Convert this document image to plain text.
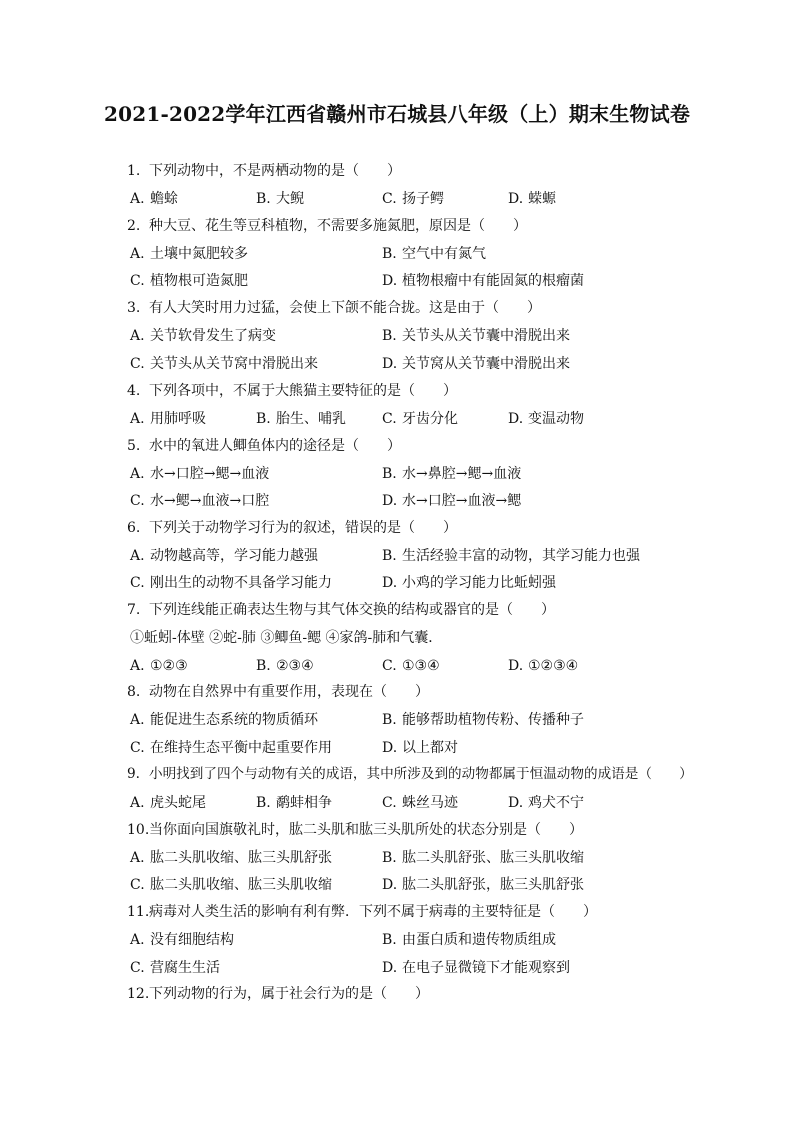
2021-2022学年江西省赣州市石城县八年级（上）期末生物试卷
1. 下列动物中，不是两栖动物的是（　　）
A. 蟾蜍	B. 大鲵	C. 扬子鳄	D. 蝾螈
2. 种大豆、花生等豆科植物，不需要多施氮肥，原因是（　　）
A. 土壤中氮肥较多	B. 空气中有氮气
C. 植物根可造氮肥	D. 植物根瘤中有能固氮的根瘤菌
3. 有人大笑时用力过猛，会使上下颌不能合拢。这是由于（　　）
A. 关节软骨发生了病变	B. 关节头从关节囊中滑脱出来
C. 关节头从关节窝中滑脱出来	D. 关节窝从关节囊中滑脱出来
4. 下列各项中，不属于大熊猫主要特征的是（　　）
A. 用肺呼吸	B. 胎生、哺乳	C. 牙齿分化	D. 变温动物
5. 水中的氧进人鲫鱼体内的途径是（　　）
A. 水→口腔→鳃→血液	B. 水→鼻腔→鳃→血液
C. 水→鳃→血液→口腔	D. 水→口腔→血液→鳃
6. 下列关于动物学习行为的叙述，错误的是（　　）
A. 动物越高等，学习能力越强	B. 生活经验丰富的动物，其学习能力也强
C. 刚出生的动物不具备学习能力	D. 小鸡的学习能力比蚯蚓强
7. 下列连线能正确表达生物与其气体交换的结构或器官的是（　　）
①蚯蚓-体壁 ②蛇-肺 ③鲫鱼-鳃 ④家鸽-肺和气囊．
A. ①②③	B. ②③④	C. ①③④	D. ①②③④
8. 动物在自然界中有重要作用，表现在（　　）
A. 能促进生态系统的物质循环	B. 能够帮助植物传粉、传播种子
C. 在维持生态平衡中起重要作用	D. 以上都对
9. 小明找到了四个与动物有关的成语，其中所涉及到的动物都属于恒温动物的成语是（　　）
A. 虎头蛇尾	B. 鹬蚌相争	C. 蛛丝马迹	D. 鸡犬不宁
10.当你面向国旗敬礼时，肱二头肌和肱三头肌所处的状态分别是（　　）
A. 肱二头肌收缩、肱三头肌舒张	B. 肱二头肌舒张、肱三头肌收缩
C. 肱二头肌收缩、肱三头肌收缩	D. 肱二头肌舒张，肱三头肌舒张
11.病毒对人类生活的影响有利有弊．下列不属于病毒的主要特征是（　　）
A. 没有细胞结构	B. 由蛋白质和遗传物质组成
C. 营腐生生活	D. 在电子显微镜下才能观察到
12.下列动物的行为，属于社会行为的是（　　）
